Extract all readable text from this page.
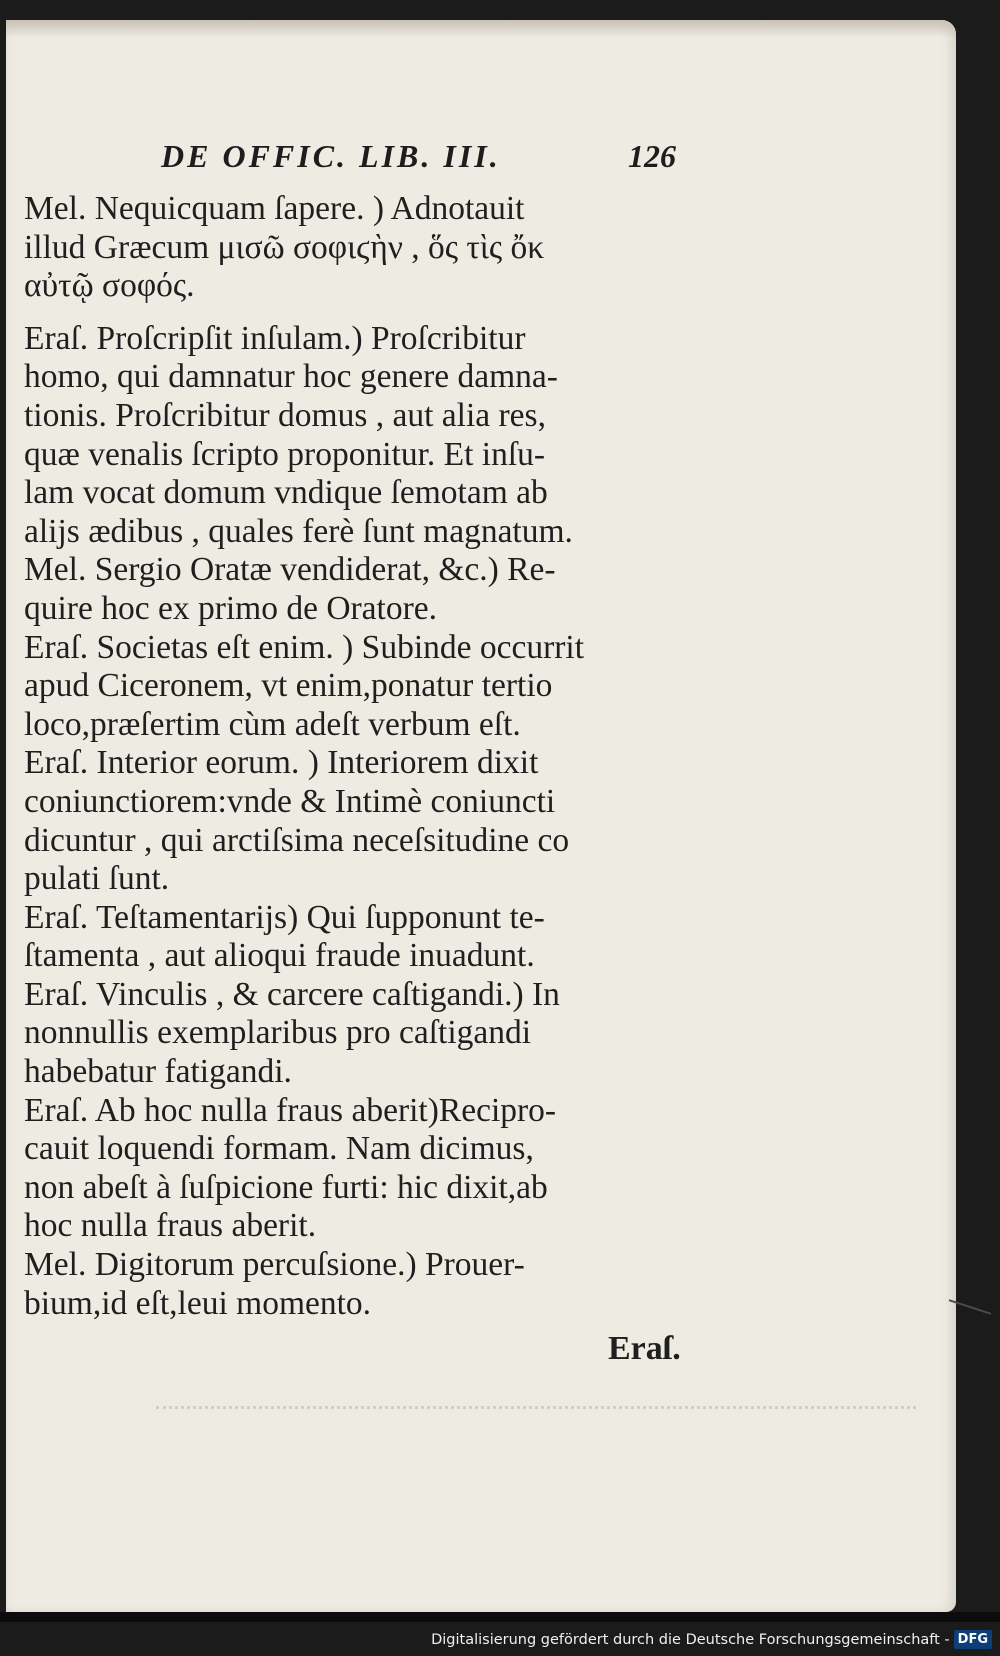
DE OFFIC. LIB. III.	126
Mel. Nequicquam ſapere. ) Adnotauit
illud Græcum μισῶ σοφιϛὴν , ὅς τὶς ὄκ
αὐτῷ σοφός.
Eraſ. Proſcripſit inſulam.) Proſcribitur
homo, qui damnatur hoc genere damna-
tionis. Proſcribitur domus , aut alia res,
quæ venalis ſcripto proponitur. Et inſu-
lam vocat domum vndique ſemotam ab
alijs ædibus , quales ferè ſunt magnatum.
Mel. Sergio Oratæ vendiderat, &c.) Re-
quire hoc ex primo de Oratore.
Eraſ. Societas eſt enim. ) Subinde occurrit
apud Ciceronem, vt enim,ponatur tertio
loco,præſertim cùm adeſt verbum eſt.
Eraſ. Interior eorum. ) Interiorem dixit
coniunctiorem:vnde & Intimè coniuncti
dicuntur , qui arctiſsima neceſsitudine co
pulati ſunt.
Eraſ. Teſtamentarijs) Qui ſupponunt te-
ſtamenta , aut alioqui fraude inuadunt.
Eraſ. Vinculis , & carcere caſtigandi.) In
nonnullis exemplaribus pro caſtigandi
habebatur fatigandi.
Eraſ. Ab hoc nulla fraus aberit)Recipro-
cauit loquendi formam. Nam dicimus,
non abeſt à ſuſpicione furti: hic dixit,ab
hoc nulla fraus aberit.
Mel. Digitorum percuſsione.) Prouer-
bium,id eſt,leui momento.
Eraſ.
Digitalisierung gefördert durch die Deutsche Forschungsgemeinschaft - DFG
